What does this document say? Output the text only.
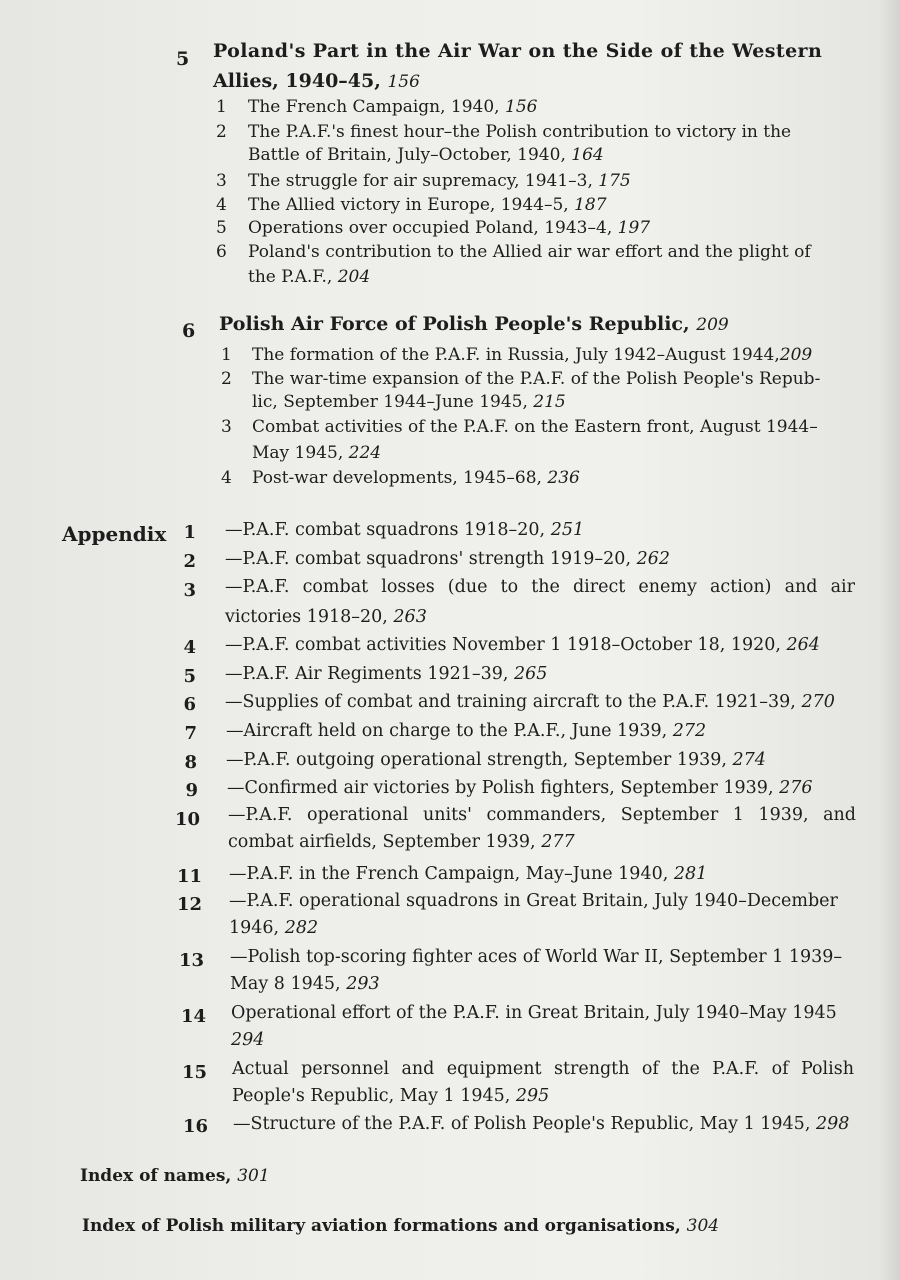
5 Poland's Part in the Air War on the Side of the Western
Allies, 1940–45, 156
1 The French Campaign, 1940, 156
2 The P.A.F.'s finest hour–the Polish contribution to victory in the
Battle of Britain, July–October, 1940, 164
3 The struggle for air supremacy, 1941–3, 175
4 The Allied victory in Europe, 1944–5, 187
5 Operations over occupied Poland, 1943–4, 197
6 Poland's contribution to the Allied air war effort and the plight of
the P.A.F., 204
6 Polish Air Force of Polish People's Republic, 209
1 The formation of the P.A.F. in Russia, July 1942–August 1944,209
2 The war-time expansion of the P.A.F. of the Polish People's Repub-
lic, September 1944–June 1945, 215
3 Combat activities of the P.A.F. on the Eastern front, August 1944–
May 1945, 224
4 Post-war developments, 1945–68, 236
Appendix 1 —P.A.F. combat squadrons 1918–20, 251
2 —P.A.F. combat squadrons' strength 1919–20, 262
3 —P.A.F. combat losses (due to the direct enemy action) and air victories 1918–20, 263
4 —P.A.F. combat activities November 1 1918–October 18, 1920, 264
5 —P.A.F. Air Regiments 1921–39, 265
6 —Supplies of combat and training aircraft to the P.A.F. 1921–39, 270
7 —Aircraft held on charge to the P.A.F., June 1939, 272
8 —P.A.F. outgoing operational strength, September 1939, 274
9 —Confirmed air victories by Polish fighters, September 1939, 276
10 —P.A.F. operational units' commanders, September 1 1939, and combat airfields, September 1939, 277
11 —P.A.F. in the French Campaign, May–June 1940, 281
12 —P.A.F. operational squadrons in Great Britain, July 1940–December 1946, 282
13 —Polish top-scoring fighter aces of World War II, September 1 1939– May 8 1945, 293
14 Operational effort of the P.A.F. in Great Britain, July 1940–May 1945
294
15 Actual personnel and equipment strength of the P.A.F. of Polish People's Republic, May 1 1945, 295
16 —Structure of the P.A.F. of Polish People's Republic, May 1 1945, 298
Index of names, 301
Index of Polish military aviation formations and organisations, 304
